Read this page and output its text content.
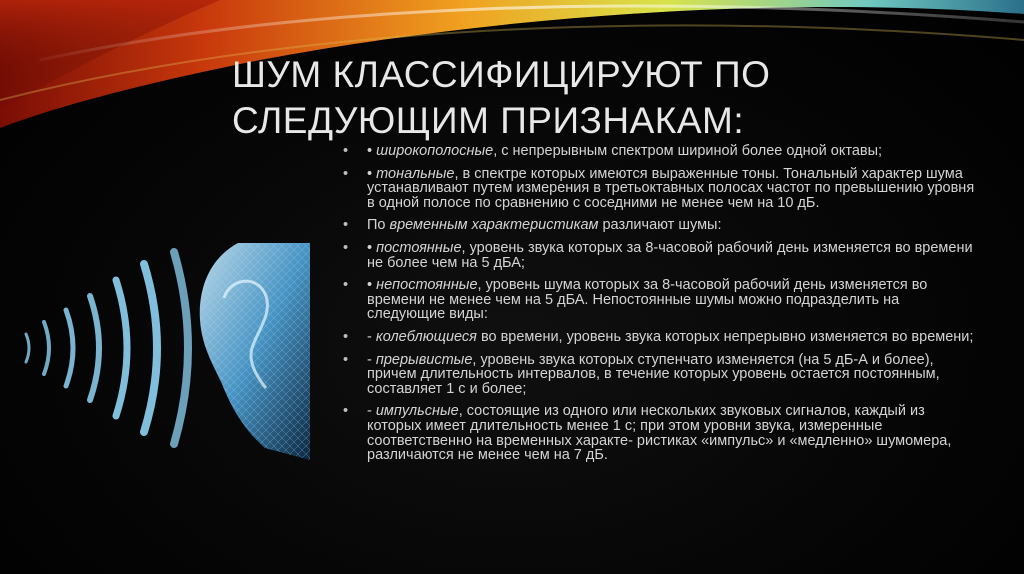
ШУМ КЛАССИФИЦИРУЮТ ПО
СЛЕДУЮЩИМ ПРИЗНАКАМ:
• • широкополосные, с непрерывным спектром шириной более одной октавы;
• • тональные, в спектре которых имеются выраженные тоны. Тональный характер шума устанавливают путем измерения в третьоктавных полосах частот по превышению уровня в одной полосе по сравнению с соседними не менее чем на 10 дБ.
• По временным характеристикам различают шумы:
• • постоянные, уровень звука которых за 8-часовой рабочий день изменяется во времени не более чем на 5 дБА;
• • непостоянные, уровень шума которых за 8-часовой рабочий день изменяется во времени не менее чем на 5 дБА. Непостоянные шумы можно подразделить на следующие виды:
• - колеблющиеся во времени, уровень звука которых непрерывно изменяется во времени;
• - прерывистые, уровень звука которых ступенчато изменяется (на 5 дБ-А и более), причем длительность интервалов, в течение которых уровень остается постоянным, составляет 1 с и более;
• - импульсные, состоящие из одного или нескольких звуковых сигналов, каждый из которых имеет длительность менее 1 с; при этом уровни звука, измеренные соответственно на временных характе- ристиках «импульс» и «медленно» шумомера, различаются не менее чем на 7 дБ.
